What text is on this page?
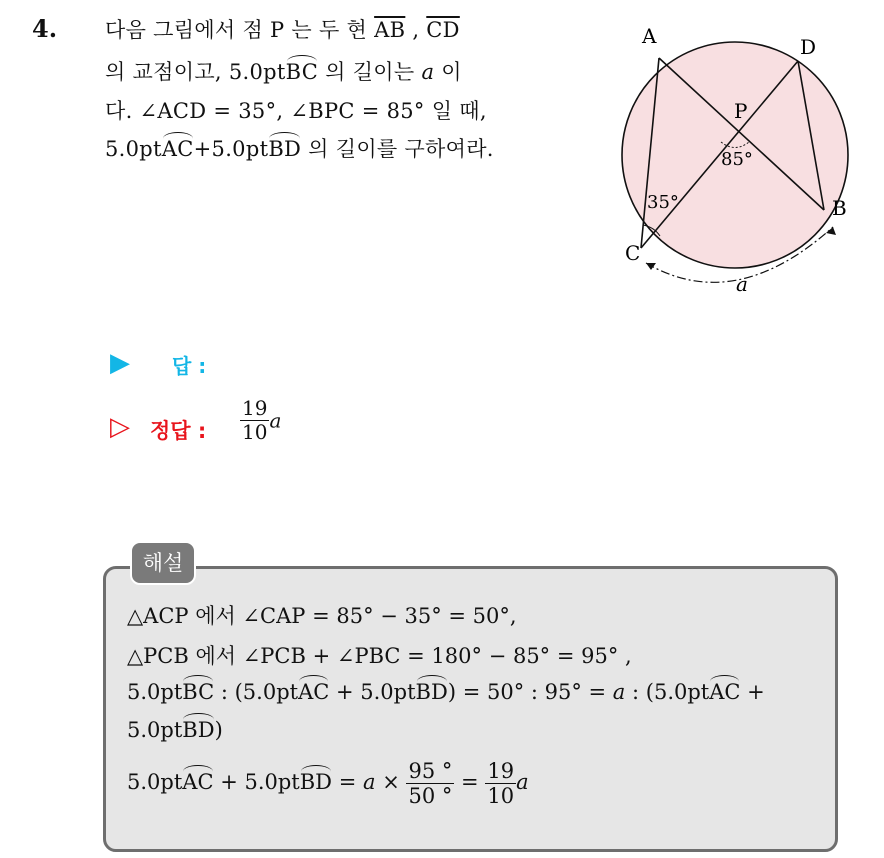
4. 다음 그림에서 점 P 는 두 현 $\overline{AB}$ , $\overline{CD}$
의 교점이고, 5.0ptBC 의 길이는 a 이
다. ∠ACD = 35°, ∠BPC = 85° 일 때,
5.0ptAC+5.0ptBD 의 길이를 구하여라.
A	D
P
B
C
85°
35°
a
▶ 답 :
▷ 정답 : $\frac{19}{10}$ a
해설
△ACP 에서 ∠CAP = 85° − 35° = 50°,
△PCB 에서 ∠PCB + ∠PBC = 180° − 85° = 95° ,
5.0ptBC : (5.0ptAC + 5.0ptBD) = 50° : 95° = a : (5.0ptAC +
5.0ptBD)
5.0ptAC + 5.0ptBD = $a \times \frac{95 ^\circ}{50 ^\circ} = \frac{19}{10}$ a
